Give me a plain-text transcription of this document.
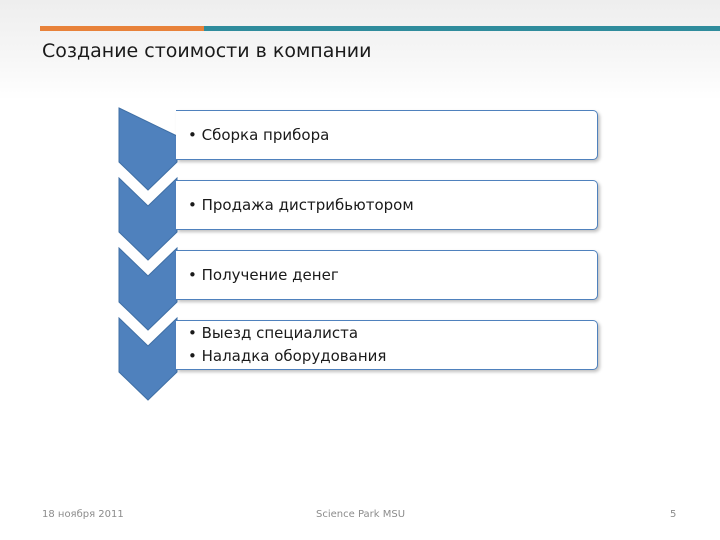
Создание стоимости в компании
• Сборка прибора
• Продажа дистрибьютором
• Получение денег
• Выезд специалиста
• Наладка оборудования
18 ноября 2011	Science Park MSU	5
